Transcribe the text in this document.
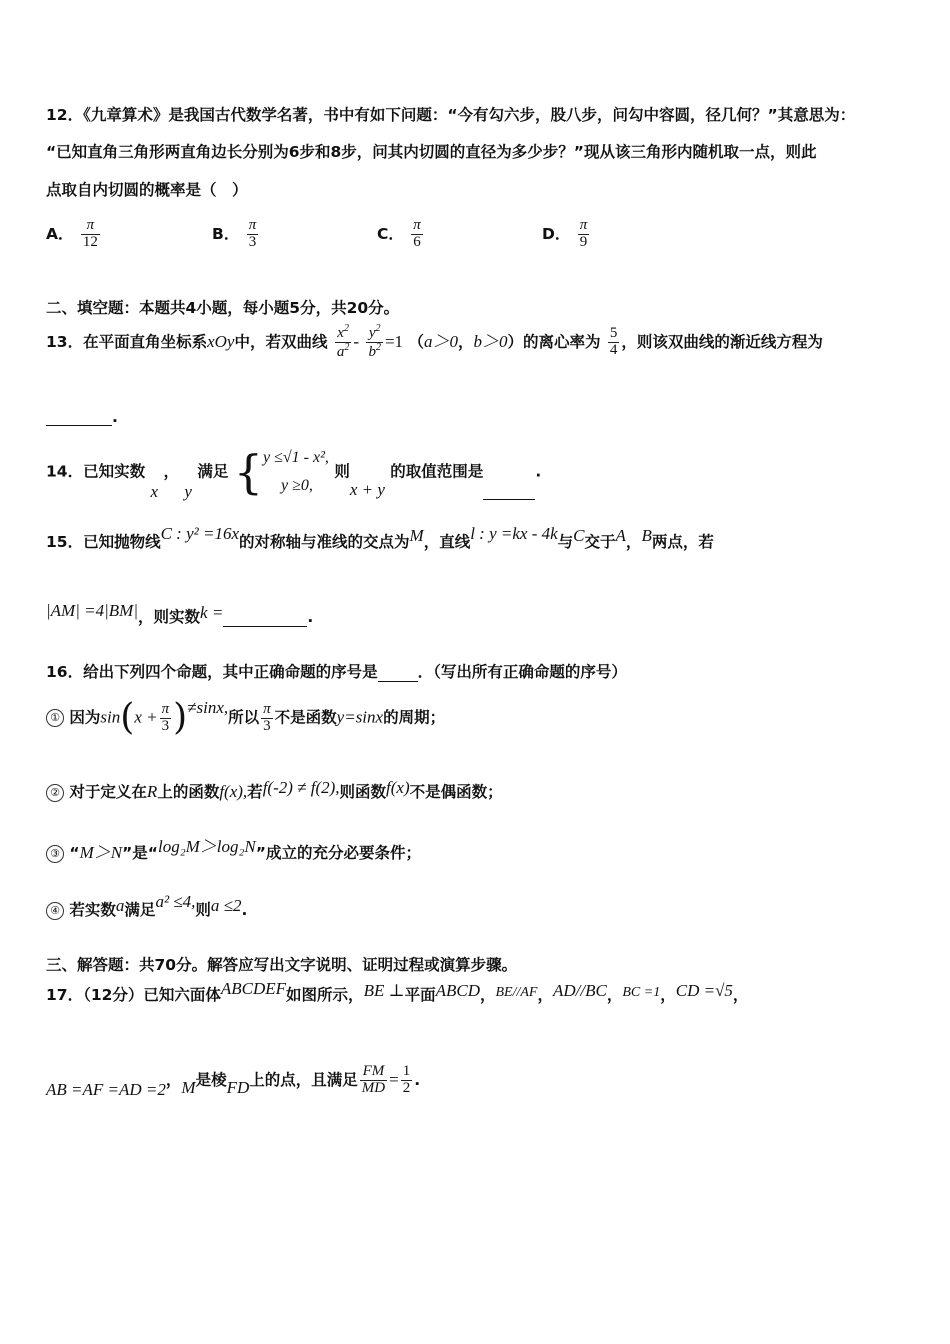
12．《九章算术》是我国古代数学名著，书中有如下问题：“今有勾六步，股八步，问勾中容圆，径几何？”其意思为：
“已知直角三角形两直角边长分别为6步和8步，问其内切圆的直径为多少步？”现从该三角形内随机取一点，则此
点取自内切圆的概率是（　）
A． $\frac{\pi}{12}$	B． $\frac{\pi}{3}$	C． $\frac{\pi}{6}$	D． $\frac{\pi}{9}$
二、填空题：本题共4小题，每小题5分，共20分。
13．在平面直角坐标系xOy中，若双曲线 $\frac{x^2}{a^2} - \frac{y^2}{b^2} =1$ （a＞0，b＞0）的离心率为 $\frac{5}{4}$ ，则该双曲线的渐近线方程为
.
14．已知实数 x ， y 满足 { y ≤√1 - x²,
y ≥0,
则x + y 的取值范围是	.
15．已知抛物线C : y² =16x的对称轴与准线的交点为M，直线l : y =kx - 4k与C交于A，B两点，若
|AM| =4|BM|，则实数k =	.
16．给出下列四个命题，其中正确命题的序号是	．（写出所有正确命题的序号）
① 因为$\sin(x + \frac{\pi}{3} )\ne\sin x$,所以 $\frac{\pi}{3}$ 不是函数y=sinx的周期；
② 对于定义在R上的函数f(x),若f(-2) ≠ f(2),则函数f(x)不是偶函数；
③ “M＞N”是“log₂M＞log₂N”成立的充分必要条件；
④ 若实数a满足a² ≤4,则a ≤2.
三、解答题：共70分。解答应写出文字说明、证明过程或演算步骤。
17．（12分）已知六面体ABCDEF如图所示，BE ⊥平面ABCD，BE//AF，AD//BC，BC =1，CD =√5，
AB =AF =AD =2，M是棱FD上的点，且满足 $\frac{FM}{MD} = \frac{1}{2}$ .
